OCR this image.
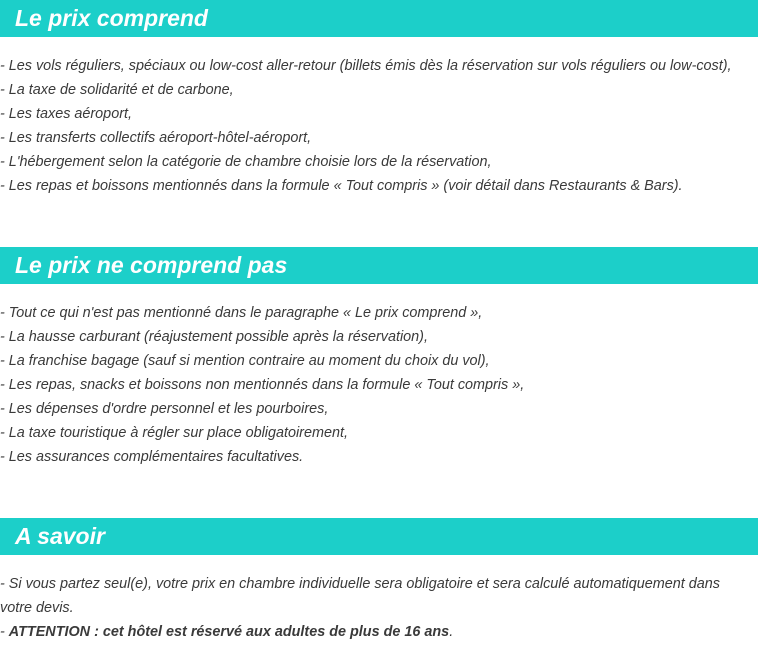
Le prix comprend
- Les vols réguliers, spéciaux ou low-cost aller-retour (billets émis dès la réservation sur vols réguliers ou low-cost),
- La taxe de solidarité et de carbone,
- Les taxes aéroport,
- Les transferts collectifs aéroport-hôtel-aéroport,
- L'hébergement selon la catégorie de chambre choisie lors de la réservation,
- Les repas et boissons mentionnés dans la formule « Tout compris » (voir détail dans Restaurants & Bars).
Le prix ne comprend pas
- Tout ce qui n'est pas mentionné dans le paragraphe « Le prix comprend »,
- La hausse carburant (réajustement possible après la réservation),
- La franchise bagage (sauf si mention contraire au moment du choix du vol),
- Les repas, snacks et boissons non mentionnés dans la formule « Tout compris »,
- Les dépenses d'ordre personnel et les pourboires,
- La taxe touristique à régler sur place obligatoirement,
- Les assurances complémentaires facultatives.
A savoir
- Si vous partez seul(e), votre prix en chambre individuelle sera obligatoire et sera calculé automatiquement dans votre devis.
- ATTENTION : cet hôtel est réservé aux adultes de plus de 16 ans.
